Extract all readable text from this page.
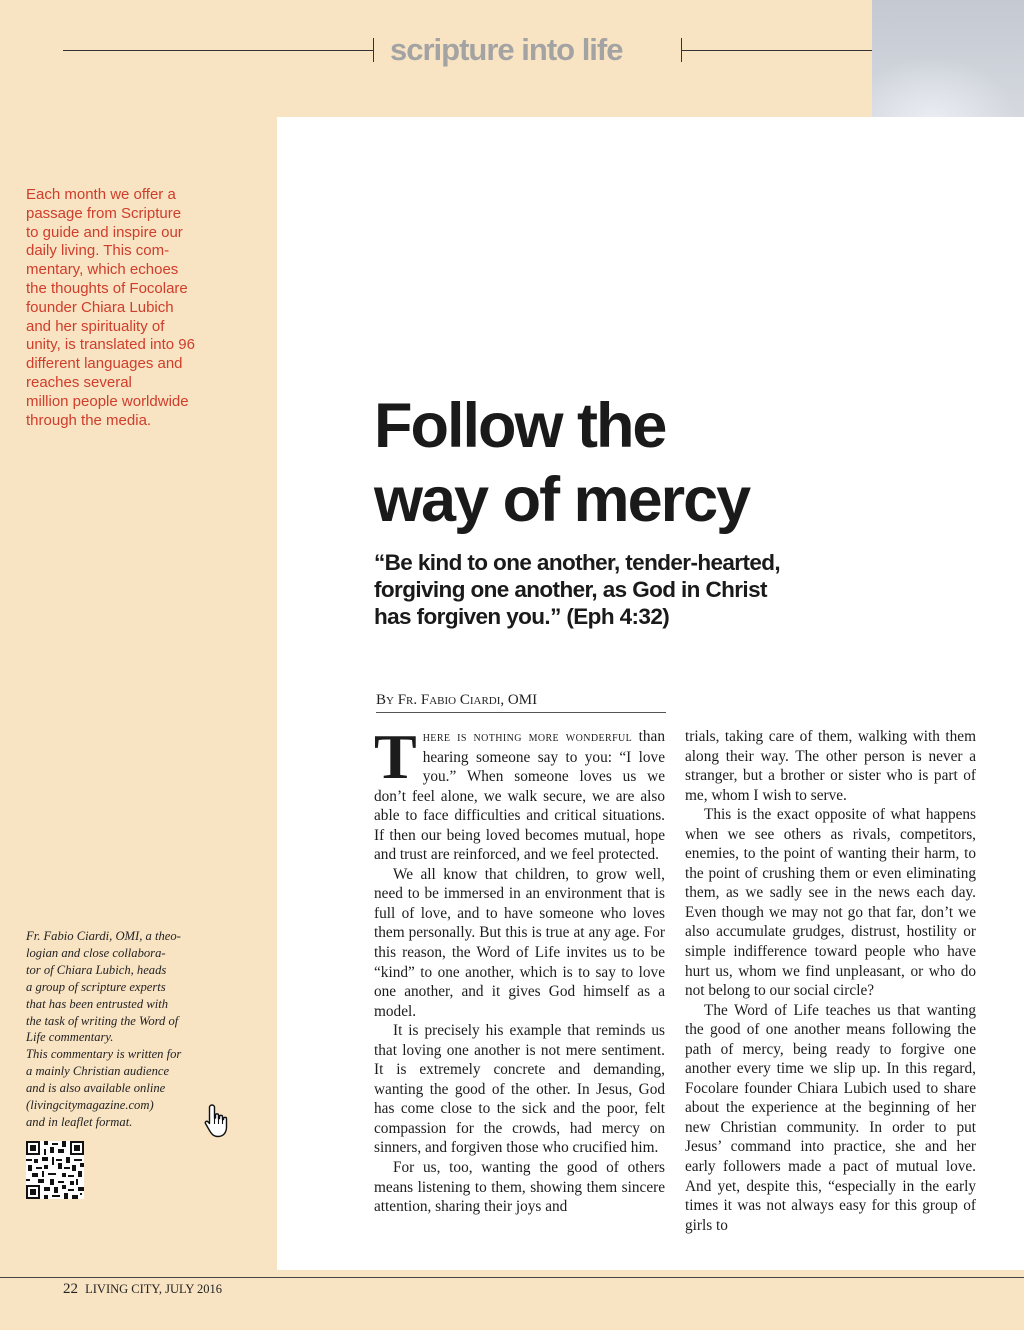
scripture into life
Each month we offer a
passage from Scripture
to guide and inspire our
daily living. This com-
mentary, which echoes
the thoughts of Focolare
founder Chiara Lubich
and her spirituality of
unity, is translated into 96
different languages and
reaches several
million people worldwide
through the media.
Fr. Fabio Ciardi, OMI, a theo-
logian and close collabora-
tor of Chiara Lubich, heads
a group of scripture experts
that has been entrusted with
the task of writing the Word of
Life commentary.
This commentary is written for
a mainly Christian audience
and is also available online
(livingcitymagazine.com)
and in leaflet format.
Follow the
way of mercy
“Be kind to one another, tender-hearted,
forgiving one another, as God in Christ
has forgiven you.” (Eph 4:32)
By Fr. Fabio Ciardi, OMI

There is nothing more wonderful than hearing someone say to you: “I love you.” When someone loves us we don’t feel alone, we walk secure, we are also able to face difficulties and critical situations. If then our being loved becomes mutual, hope and trust are reinforced, and we feel protected.

We all know that children, to grow well, need to be immersed in an environment that is full of love, and to have someone who loves them personally. But this is true at any age. For this reason, the Word of Life invites us to be “kind” to one another, which is to say to love one another, and it gives God himself as a model.

It is precisely his example that reminds us that loving one another is not mere sentiment. It is extremely concrete and demanding, wanting the good of the other. In Jesus, God has come close to the sick and the poor, felt compassion for the crowds, had mercy on sinners, and forgiven those who crucified him.

For us, too, wanting the good of others means listening to them, showing them sincere attention, sharing their joys and

trials, taking care of them, walking with them along their way. The other person is never a stranger, but a brother or sister who is part of me, whom I wish to serve.

This is the exact opposite of what happens when we see others as rivals, competitors, enemies, to the point of wanting their harm, to the point of crushing them or even eliminating them, as we sadly see in the news each day. Even though we may not go that far, don’t we also accumulate grudges, distrust, hostility or simple indifference toward people who have hurt us, whom we find unpleasant, or who do not belong to our social circle?

The Word of Life teaches us that wanting the good of one another means following the path of mercy, being ready to forgive one another every time we slip up. In this regard, Focolare founder Chiara Lubich used to share about the experience at the beginning of her new Christian community. In order to put Jesus’ command into practice, she and her early followers made a pact of mutual love. And yet, despite this, “especially in the early times it was not always easy for this group of girls to

22 LIVING CITY, JULY 2016
